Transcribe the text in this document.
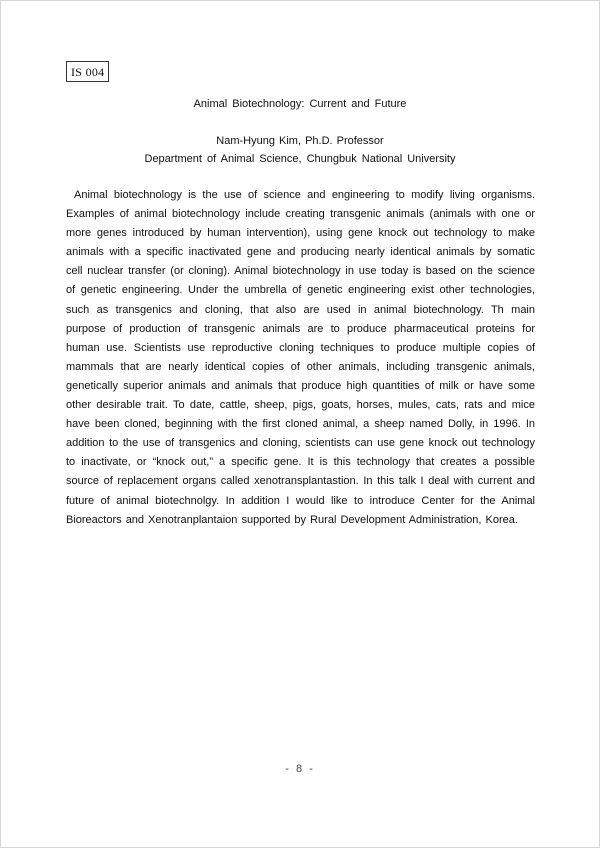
IS 004
Animal Biotechnology: Current and Future
Nam-Hyung Kim, Ph.D. Professor
Department of Animal Science, Chungbuk National University

Animal biotechnology is the use of science and engineering to modify living organisms. Examples of animal biotechnology include creating transgenic animals (animals with one or more genes introduced by human intervention), using gene knock out technology to make animals with a specific inactivated gene and producing nearly identical animals by somatic cell nuclear transfer (or cloning). Animal biotechnology in use today is based on the science of genetic engineering. Under the umbrella of genetic engineering exist other technologies, such as transgenics and cloning, that also are used in animal biotechnology. Th main purpose of production of transgenic animals are to produce pharmaceutical proteins for human use. Scientists use reproductive cloning techniques to produce multiple copies of mammals that are nearly identical copies of other animals, including transgenic animals, genetically superior animals and animals that produce high quantities of milk or have some other desirable trait. To date, cattle, sheep, pigs, goats, horses, mules, cats, rats and mice have been cloned, beginning with the first cloned animal, a sheep named Dolly, in 1996. In addition to the use of transgenics and cloning, scientists can use gene knock out technology to inactivate, or “knock out,” a specific gene. It is this technology that creates a possible source of replacement organs called xenotransplantastion. In this talk I deal with current and future of animal biotechnolgy. In addition I would like to introduce Center for the Animal Bioreactors and Xenotranplantaion supported by Rural Development Administration, Korea.

- 8 -
